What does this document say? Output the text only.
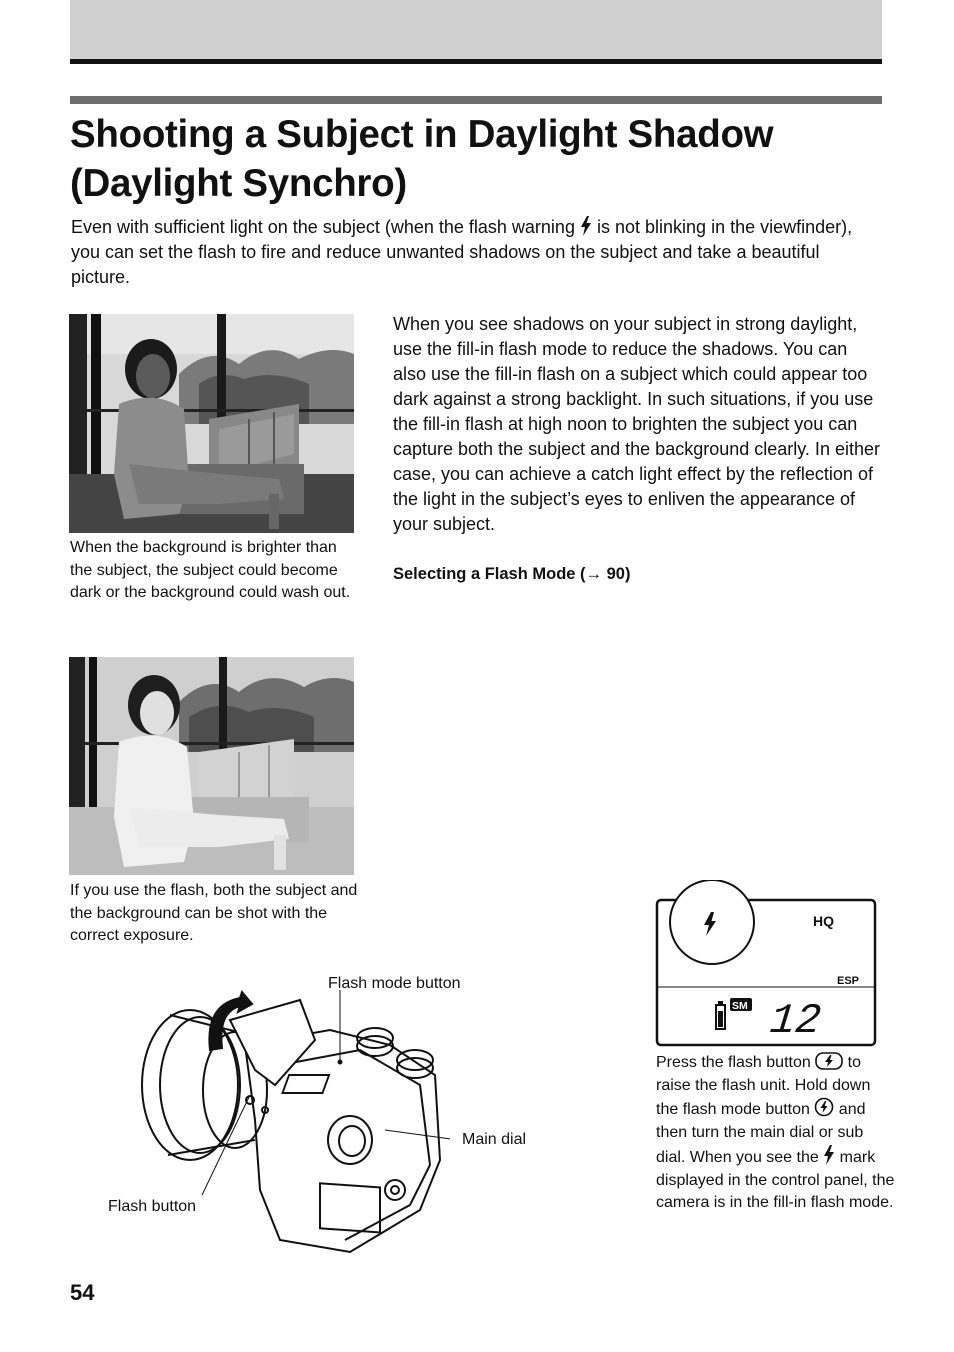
Shooting a Subject in Daylight Shadow
(Daylight Synchro)

Even with sufficient light on the subject (when the flash warning is not blinking in the viewfinder), you can set the flash to fire and reduce unwanted shadows on the subject and take a beautiful picture.

When the background is brighter than the subject, the subject could become dark or the background could wash out.

If you use the flash, both the subject and the background can be shot with the correct exposure.

When you see shadows on your subject in strong daylight, use the fill-in flash mode to reduce the shadows. You can also use the fill-in flash on a subject which could appear too dark against a strong backlight. In such situations, if you use the fill-in flash at high noon to brighten the subject you can capture both the subject and the background clearly. In either case, you can achieve a catch light effect by the reflection of the light in the subject’s eyes to enliven the appearance of your subject.

Selecting a Flash Mode (→ 90)
HQ
ESP
SM 12

Press the flash button to raise the flash unit. Hold down the flash mode button and then turn the main dial or sub dial. When you see the mark displayed in the control panel, the camera is in the fill-in flash mode.

Flash mode button
Main dial
Flash button
54
